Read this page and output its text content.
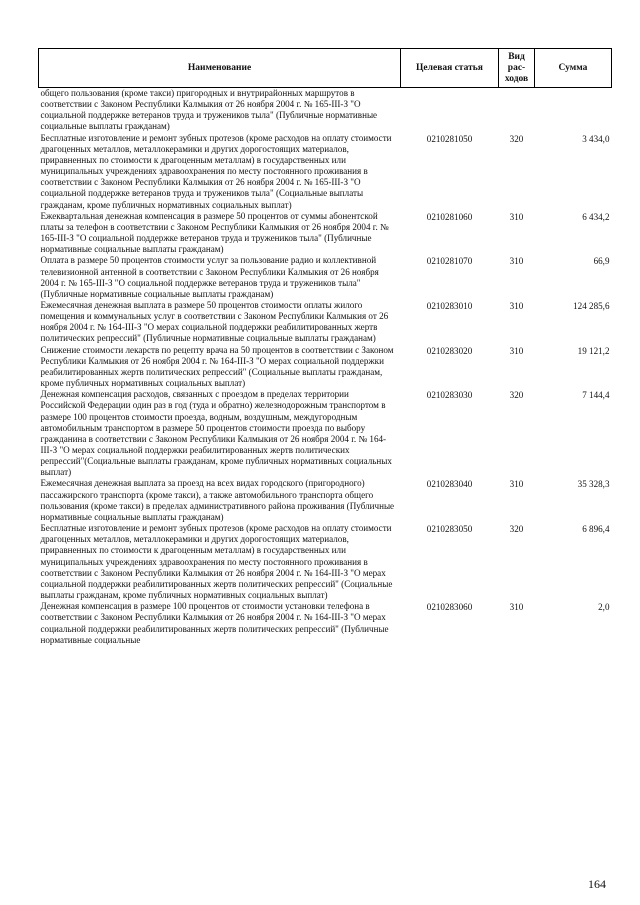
Наименование	Целевая статья	Вид рас- ходов	Сумма
общего пользования (кроме такси) пригородных и внутрирайонных маршрутов в соответствии с Законом Республики Калмыкия от 26 ноября 2004 г. № 165-III-З "О социальной поддержке ветеранов труда и тружеников тыла" (Публичные нормативные социальные выплаты гражданам)			
Бесплатные изготовление и ремонт зубных протезов (кроме расходов на оплату стоимости драгоценных металлов, металлокерамики и других дорогостоящих материалов, приравненных по стоимости к драгоценным металлам) в государственных или муниципальных учреждениях здравоохранения по месту постоянного проживания в соответствии с Законом Республики Калмыкия от 26 ноября 2004 г. № 165-III-З "О социальной поддержке ветеранов труда и тружеников тыла" (Социальные выплаты гражданам, кроме публичных нормативных социальных выплат)	0210281050	320	3 434,0
Ежеквартальная денежная компенсация в размере 50 процентов от суммы абонентской платы за телефон в соответствии с Законом Республики Калмыкия от 26 ноября 2004 г. № 165-III-З "О социальной поддержке ветеранов труда и тружеников тыла" (Публичные нормативные социальные выплаты гражданам)	0210281060	310	6 434,2
Оплата в размере 50 процентов стоимости услуг за пользование радио и коллективной телевизионной антенной в соответствии с Законом Республики Калмыкия от 26 ноября 2004 г. № 165-III-З "О социальной поддержке ветеранов труда и тружеников тыла" (Публичные нормативные социальные выплаты гражданам)	0210281070	310	66,9
Ежемесячная денежная выплата в размере 50 процентов стоимости оплаты жилого помещения и коммунальных услуг в соответствии с Законом Республики Калмыкия от 26 ноября 2004 г. № 164-III-З "О мерах социальной поддержки реабилитированных жертв политических репрессий" (Публичные нормативные социальные выплаты гражданам)	0210283010	310	124 285,6
Снижение стоимости лекарств по рецепту врача на 50 процентов в соответствии с Законом Республики Калмыкия от 26 ноября 2004 г. № 164-III-З "О мерах социальной поддержки реабилитированных жертв политических репрессий" (Социальные выплаты гражданам, кроме публичных нормативных социальных выплат)	0210283020	310	19 121,2
Денежная компенсация расходов, связанных с проездом в пределах территории Российской Федерации один раз в год (туда и обратно) железнодорожным транспортом в размере 100 процентов стоимости проезда, водным, воздушным, междугородным автомобильным транспортом в размере 50 процентов стоимости проезда по выбору гражданина в соответствии с Законом Республики Калмыкия от 26 ноября 2004 г. № 164-III-З "О мерах социальной поддержки реабилитированных жертв политических репрессий"(Социальные выплаты гражданам, кроме публичных нормативных социальных выплат)	0210283030	320	7 144,4
Ежемесячная денежная выплата за проезд на всех видах городского (пригородного) пассажирского транспорта (кроме такси), а также автомобильного транспорта общего пользования (кроме такси) в пределах административного района проживания (Публичные нормативные социальные выплаты гражданам)	0210283040	310	35 328,3
Бесплатные изготовление и ремонт зубных протезов (кроме расходов на оплату стоимости драгоценных металлов, металлокерамики и других дорогостоящих материалов, приравненных по стоимости к драгоценным металлам) в государственных или муниципальных учреждениях здравоохранения по месту постоянного проживания в соответствии с Законом Республики Калмыкия от 26 ноября 2004 г. № 164-III-З "О мерах социальной поддержки реабилитированных жертв политических репрессий" (Социальные выплаты гражданам, кроме публичных нормативных социальных выплат)	0210283050	320	6 896,4
Денежная компенсация в размере 100 процентов от стоимости установки телефона в соответствии с Законом Республики Калмыкия от 26 ноября 2004 г. № 164-III-З "О мерах социальной поддержки реабилитированных жертв политических репрессий" (Публичные нормативные социальные	0210283060	310	2,0
164
